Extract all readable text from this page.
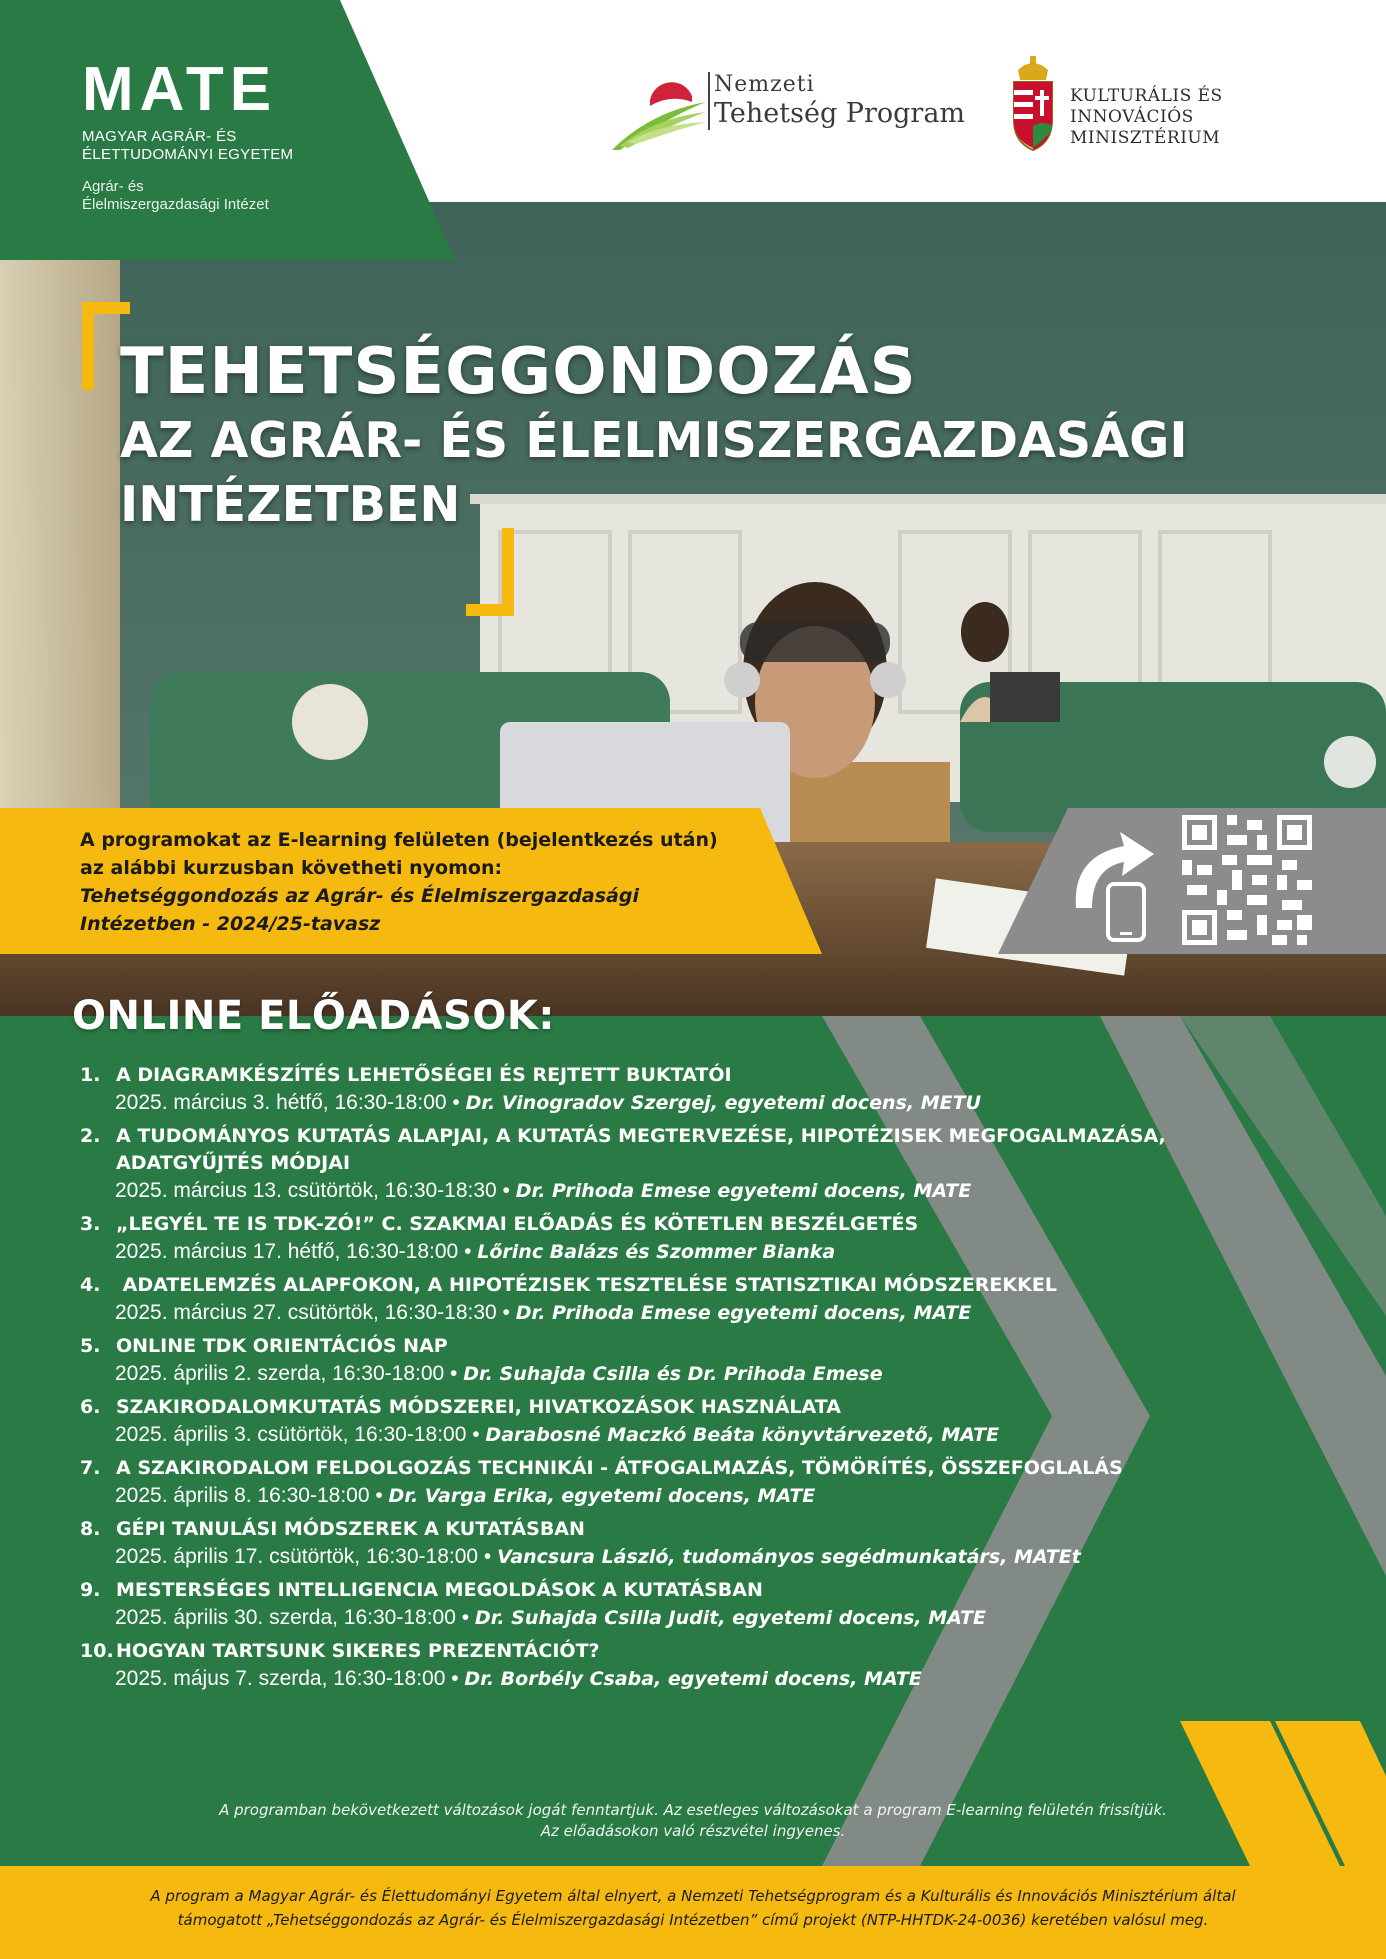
MATE
MAGYAR AGRÁR- ÉS
ÉLETTUDOMÁNYI EGYETEM
Agrár- és
Élelmiszergazdasági Intézet
Nemzeti
Tehetség Program
KULTURÁLIS ÉS INNOVÁCIÓS
MINISZTÉRIUM
TEHETSÉGGONDOZÁS
AZ AGRÁR- ÉS ÉLELMISZERGAZDASÁGI
INTÉZETBEN
A programokat az E-learning felületen (bejelentkezés után)
az alábbi kurzusban követheti nyomon:
Tehetséggondozás az Agrár- és Élelmiszergazdasági
Intézetben - 2024/25-tavasz
ONLINE ELŐADÁSOK:
1. A DIAGRAMKÉSZÍTÉS LEHETŐSÉGEI ÉS REJTETT BUKTATÓI
2025. március 3. hétfő, 16:30-18:00 • Dr. Vinogradov Szergej, egyetemi docens, METU
2. A TUDOMÁNYOS KUTATÁS ALAPJAI, A KUTATÁS MEGTERVEZÉSE, HIPOTÉZISEK MEGFOGALMAZÁSA, ADATGYŰJTÉS MÓDJAI
2025. március 13. csütörtök, 16:30-18:30 • Dr. Prihoda Emese egyetemi docens, MATE
3. „LEGYÉL TE IS TDK-ZÓ!” C. SZAKMAI ELŐADÁS ÉS KÖTETLEN BESZÉLGETÉS
2025. március 17. hétfő, 16:30-18:00 • Lőrinc Balázs és Szommer Bianka
4. ADATELEMZÉS ALAPFOKON, A HIPOTÉZISEK TESZTELÉSE STATISZTIKAI MÓDSZEREKKEL
2025. március 27. csütörtök, 16:30-18:30 • Dr. Prihoda Emese egyetemi docens, MATE
5. ONLINE TDK ORIENTÁCIÓS NAP
2025. április 2. szerda, 16:30-18:00 • Dr. Suhajda Csilla és Dr. Prihoda Emese
6. SZAKIRODALOMKUTATÁS MÓDSZEREI, HIVATKOZÁSOK HASZNÁLATA
2025. április 3. csütörtök, 16:30-18:00 • Darabosné Maczkó Beáta könyvtárvezető, MATE
7. A SZAKIRODALOM FELDOLGOZÁS TECHNIKÁI - ÁTFOGALMAZÁS, TÖMÖRÍTÉS, ÖSSZEFOGLALÁS
2025. április 8. 16:30-18:00 • Dr. Varga Erika, egyetemi docens, MATE
8. GÉPI TANULÁSI MÓDSZEREK A KUTATÁSBAN
2025. április 17. csütörtök, 16:30-18:00 • Vancsura László, tudományos segédmunkatárs, MATEt
9. MESTERSÉGES INTELLIGENCIA MEGOLDÁSOK A KUTATÁSBAN
2025. április 30. szerda, 16:30-18:00 • Dr. Suhajda Csilla Judit, egyetemi docens, MATE
10. HOGYAN TARTSUNK SIKERES PREZENTÁCIÓT?
2025. május 7. szerda, 16:30-18:00 • Dr. Borbély Csaba, egyetemi docens, MATE
A programban bekövetkezett változások jogát fenntartjuk. Az esetleges változásokat a program E-learning felületén frissítjük.
Az előadásokon való részvétel ingyenes.
A program a Magyar Agrár- és Élettudományi Egyetem által elnyert, a Nemzeti Tehetségprogram és a Kulturális és Innovációs Minisztérium által
támogatott „Tehetséggondozás az Agrár- és Élelmiszergazdasági Intézetben” című projekt (NTP-HHTDK-24-0036) keretében valósul meg.
